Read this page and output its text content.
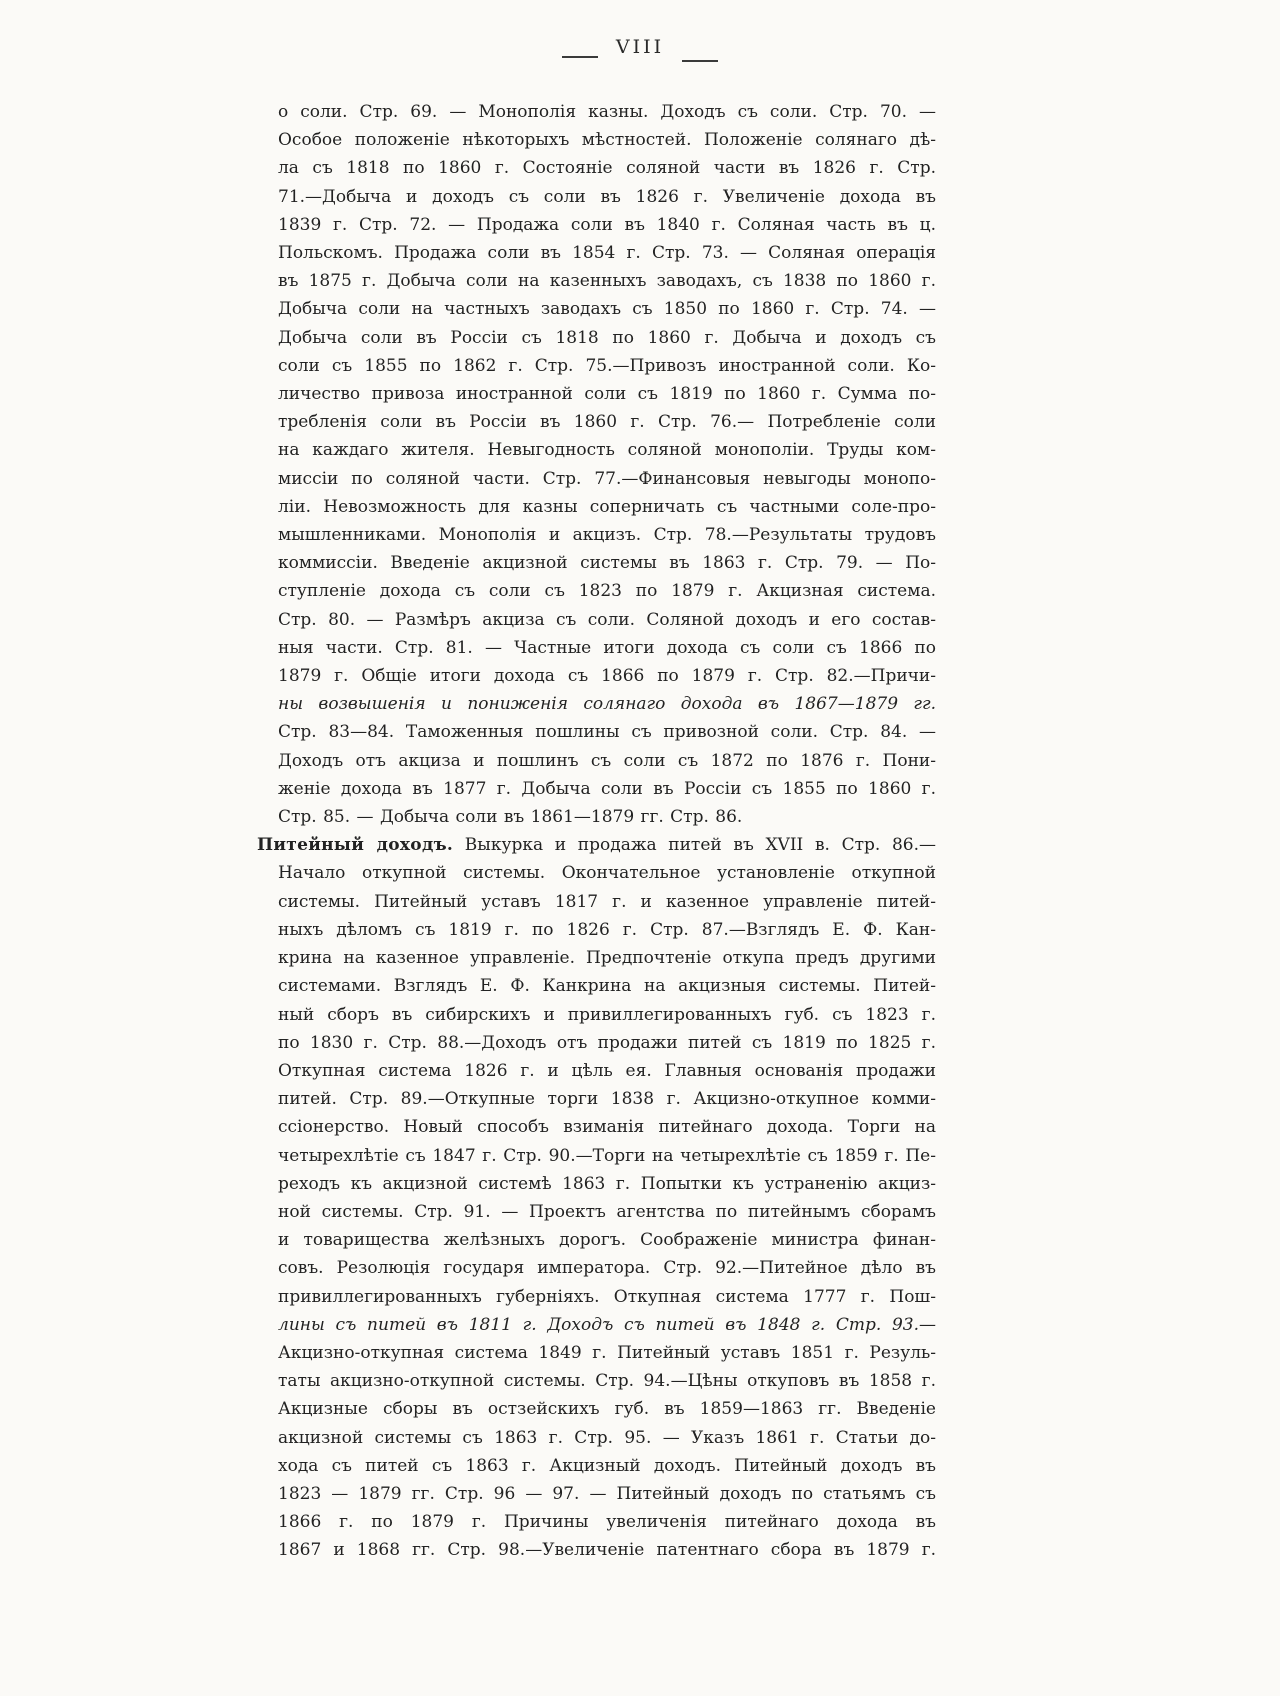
VIII
о соли. Стр. 69. — Монополія казны. Доходъ съ соли. Стр. 70. —
Особое положеніе нѣкоторыхъ мѣстностей. Положеніе солянаго дѣ-
ла съ 1818 по 1860 г. Состояніе соляной части въ 1826 г. Стр.
71.—Добыча и доходъ съ соли въ 1826 г. Увеличеніе дохода въ
1839 г. Стр. 72. — Продажа соли въ 1840 г. Соляная часть въ ц.
Польскомъ. Продажа соли въ 1854 г. Стр. 73. — Соляная операція
въ 1875 г. Добыча соли на казенныхъ заводахъ, съ 1838 по 1860 г.
Добыча соли на частныхъ заводахъ съ 1850 по 1860 г. Стр. 74. —
Добыча соли въ Россіи съ 1818 по 1860 г. Добыча и доходъ съ
соли съ 1855 по 1862 г. Стр. 75.—Привозъ иностранной соли. Ко-
личество привоза иностранной соли съ 1819 по 1860 г. Сумма по-
требленія соли въ Россіи въ 1860 г. Стр. 76.— Потребленіе соли
на каждаго жителя. Невыгодность соляной монополіи. Труды ком-
миссіи по соляной части. Стр. 77.—Финансовыя невыгоды монопо-
ліи. Невозможность для казны соперничать съ частными соле-про-
мышленниками. Монополія и акцизъ. Стр. 78.—Результаты трудовъ
коммиссіи. Введеніе акцизной системы въ 1863 г. Стр. 79. — По-
ступленіе дохода съ соли съ 1823 по 1879 г. Акцизная система.
Стр. 80. — Размѣръ акциза съ соли. Соляной доходъ и его состав-
ныя части. Стр. 81. — Частные итоги дохода съ соли съ 1866 по
1879 г. Общіе итоги дохода съ 1866 по 1879 г. Стр. 82.—Причи-
ны возвышенія и пониженія солянаго дохода въ 1867—1879 гг.
Стр. 83—84. Таможенныя пошлины съ привозной соли. Стр. 84. —
Доходъ отъ акциза и пошлинъ съ соли съ 1872 по 1876 г. Пони-
женіе дохода въ 1877 г. Добыча соли въ Россіи съ 1855 по 1860 г.
Стр. 85. — Добыча соли въ 1861—1879 гг. Стр. 86.
Питейный доходъ. Выкурка и продажа питей въ XVII в. Стр. 86.—
Начало откупной системы. Окончательное установленіе откупной
системы. Питейный уставъ 1817 г. и казенное управленіе питей-
ныхъ дѣломъ съ 1819 г. по 1826 г. Стр. 87.—Взглядъ Е. Ф. Кан-
крина на казенное управленіе. Предпочтеніе откупа предъ другими
системами. Взглядъ Е. Ф. Канкрина на акцизныя системы. Питей-
ный сборъ въ сибирскихъ и привиллегированныхъ губ. съ 1823 г.
по 1830 г. Стр. 88.—Доходъ отъ продажи питей съ 1819 по 1825 г.
Откупная система 1826 г. и цѣль ея. Главныя основанія продажи
питей. Стр. 89.—Откупные торги 1838 г. Акцизно-откупное комми-
ссіонерство. Новый способъ взиманія питейнаго дохода. Торги на
четырехлѣтіе съ 1847 г. Стр. 90.—Торги на четырехлѣтіе съ 1859 г. Пе-
реходъ къ акцизной системѣ 1863 г. Попытки къ устраненію акциз-
ной системы. Стр. 91. — Проектъ агентства по питейнымъ сборамъ
и товарищества желѣзныхъ дорогъ. Соображеніе министра финан-
совъ. Резолюція государя императора. Стр. 92.—Питейное дѣло въ
привиллегированныхъ губерніяхъ. Откупная система 1777 г. Пош-
лины съ питей въ 1811 г. Доходъ съ питей въ 1848 г. Стр. 93.—
Акцизно-откупная система 1849 г. Питейный уставъ 1851 г. Резуль-
таты акцизно-откупной системы. Стр. 94.—Цѣны откуповъ въ 1858 г.
Акцизные сборы въ остзейскихъ губ. въ 1859—1863 гг. Введеніе
акцизной системы съ 1863 г. Стр. 95. — Указъ 1861 г. Статьи до-
хода съ питей съ 1863 г. Акцизный доходъ. Питейный доходъ въ
1823 — 1879 гг. Стр. 96 — 97. — Питейный доходъ по статьямъ съ
1866 г. по 1879 г. Причины увеличенія питейнаго дохода въ
1867 и 1868 гг. Стр. 98.—Увеличеніе патентнаго сбора въ 1879 г.
